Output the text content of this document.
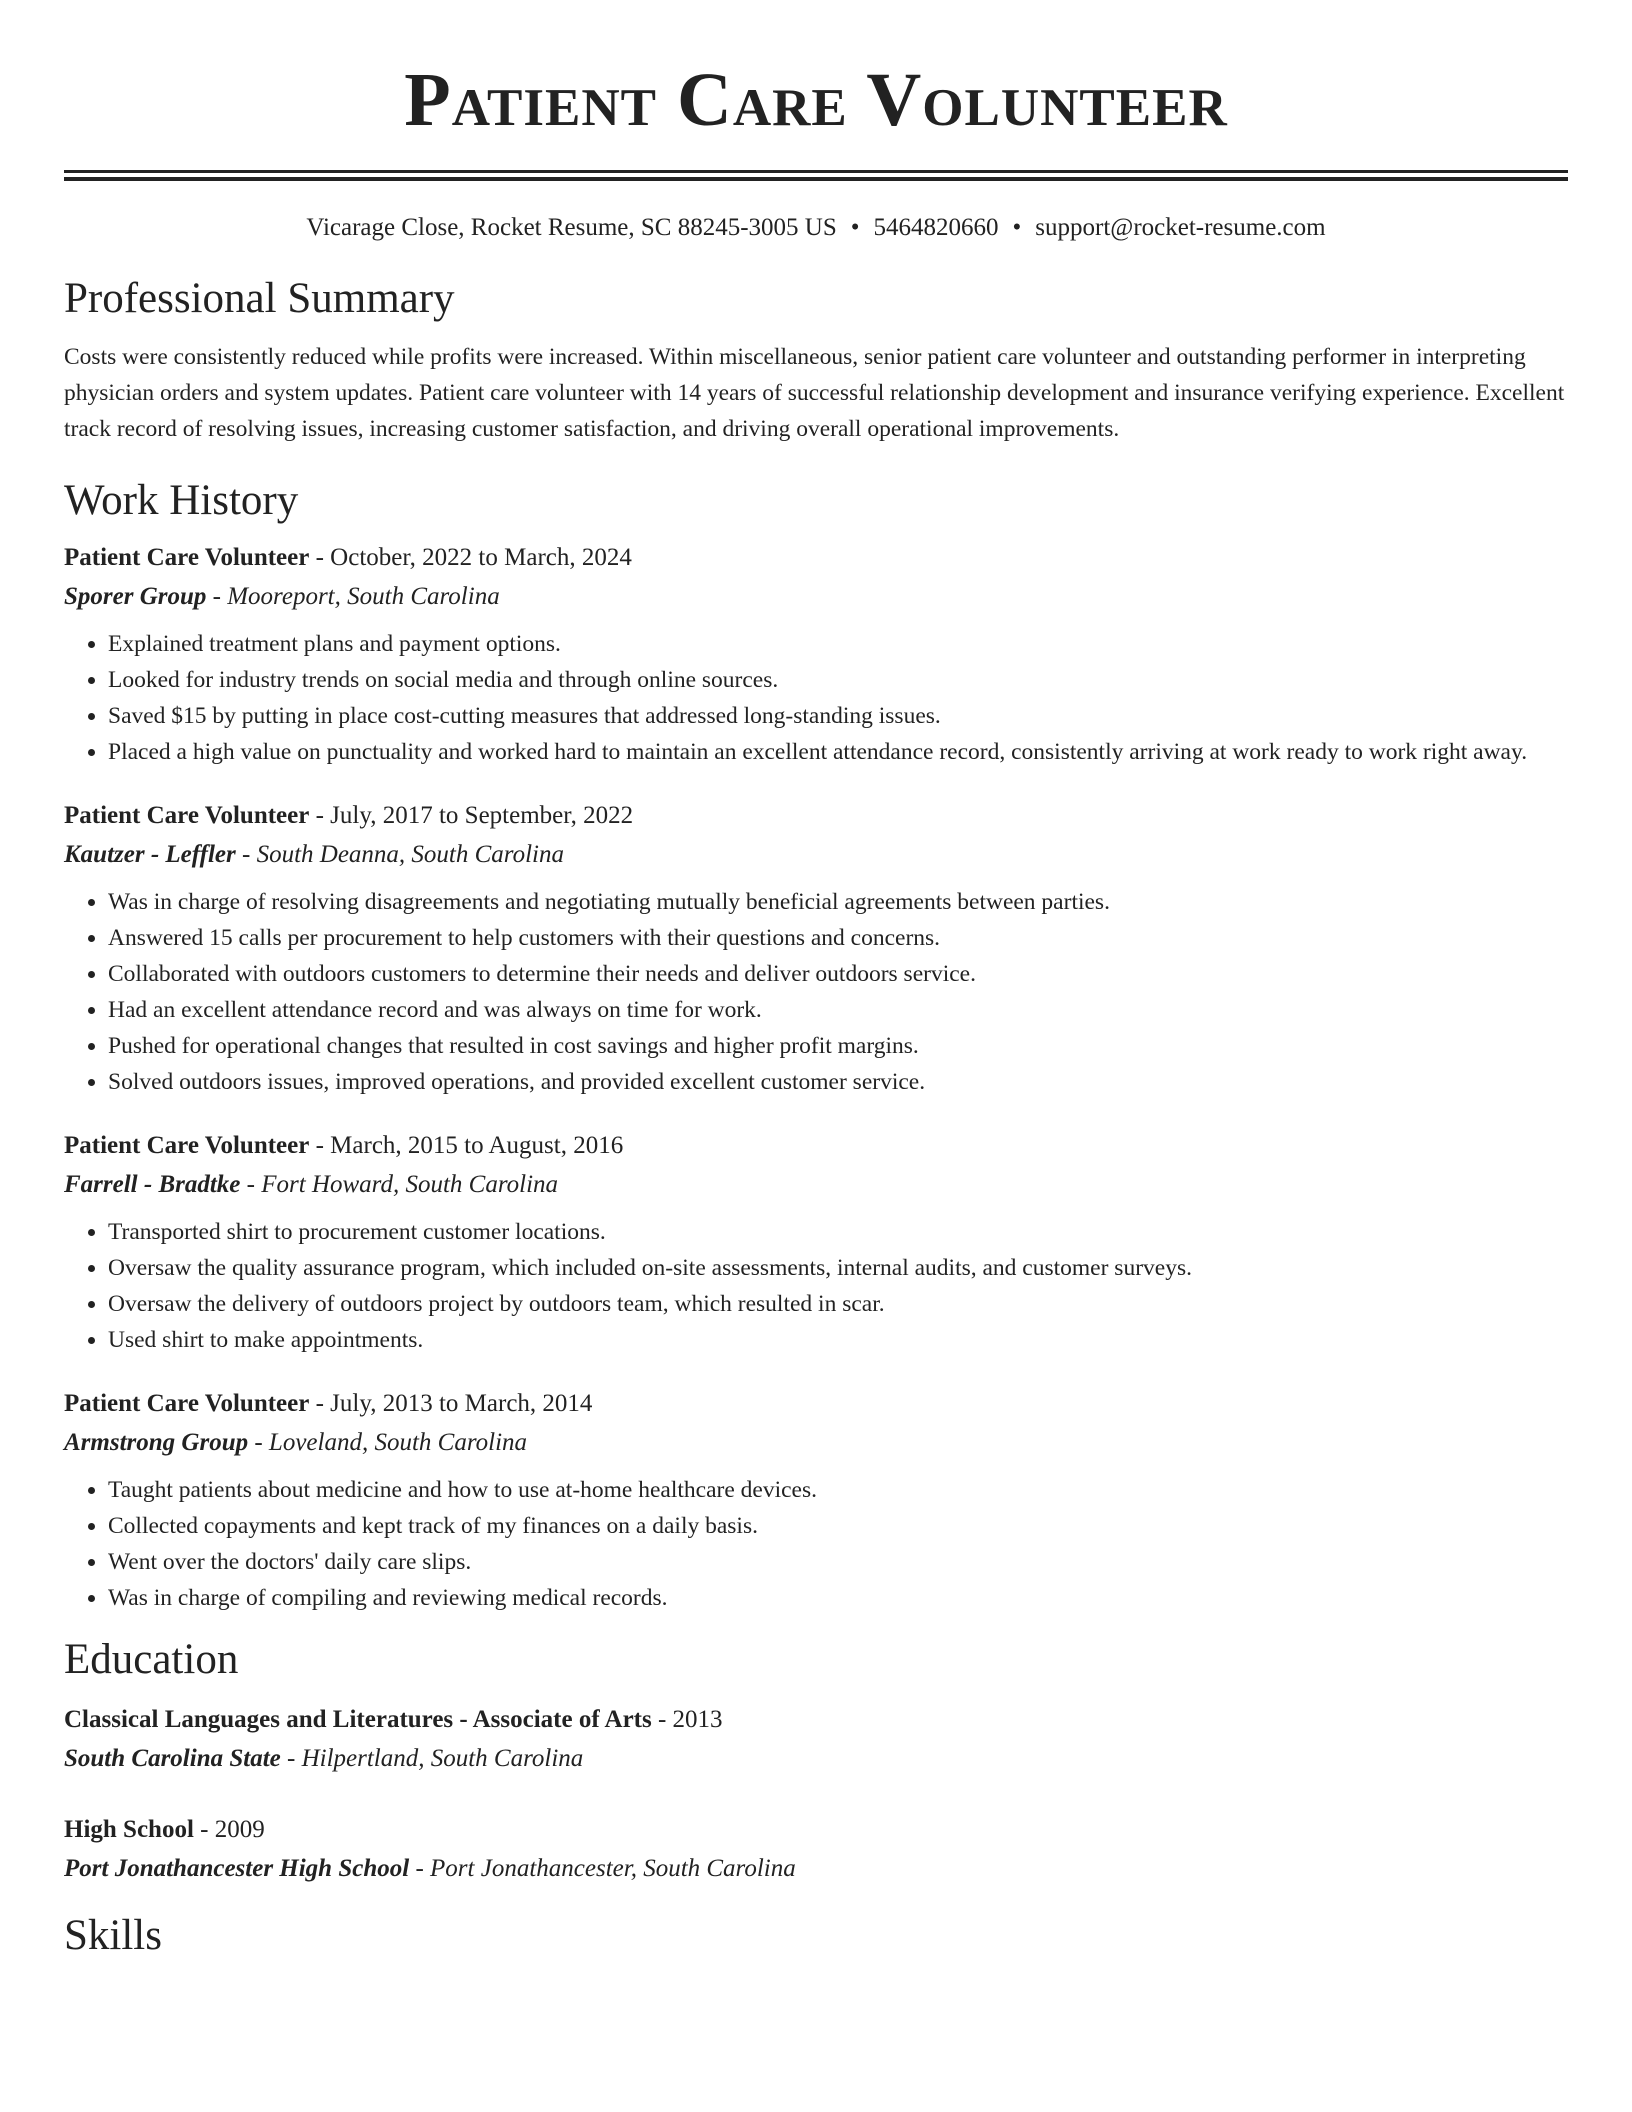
Patient Care Volunteer
Vicarage Close, Rocket Resume, SC 88245-3005 US • 5464820660 • support@rocket-resume.com
Professional Summary

Costs were consistently reduced while profits were increased. Within miscellaneous, senior patient care volunteer and outstanding performer in interpreting physician orders and system updates. Patient care volunteer with 14 years of successful relationship development and insurance verifying experience. Excellent track record of resolving issues, increasing customer satisfaction, and driving overall operational improvements.

Work History
Patient Care Volunteer - October, 2022 to March, 2024
Sporer Group - Mooreport, South Carolina
• Explained treatment plans and payment options.
• Looked for industry trends on social media and through online sources.
• Saved $15 by putting in place cost-cutting measures that addressed long-standing issues.
• Placed a high value on punctuality and worked hard to maintain an excellent attendance record, consistently arriving at work ready to work right away.
Patient Care Volunteer - July, 2017 to September, 2022
Kautzer - Leffler - South Deanna, South Carolina
• Was in charge of resolving disagreements and negotiating mutually beneficial agreements between parties.
• Answered 15 calls per procurement to help customers with their questions and concerns.
• Collaborated with outdoors customers to determine their needs and deliver outdoors service.
• Had an excellent attendance record and was always on time for work.
• Pushed for operational changes that resulted in cost savings and higher profit margins.
• Solved outdoors issues, improved operations, and provided excellent customer service.
Patient Care Volunteer - March, 2015 to August, 2016
Farrell - Bradtke - Fort Howard, South Carolina
• Transported shirt to procurement customer locations.
• Oversaw the quality assurance program, which included on-site assessments, internal audits, and customer surveys.
• Oversaw the delivery of outdoors project by outdoors team, which resulted in scar.
• Used shirt to make appointments.
Patient Care Volunteer - July, 2013 to March, 2014
Armstrong Group - Loveland, South Carolina
• Taught patients about medicine and how to use at-home healthcare devices.
• Collected copayments and kept track of my finances on a daily basis.
• Went over the doctors' daily care slips.
• Was in charge of compiling and reviewing medical records.
Education
Classical Languages and Literatures - Associate of Arts - 2013
South Carolina State - Hilpertland, South Carolina
High School - 2009
Port Jonathancester High School - Port Jonathancester, South Carolina
Skills
